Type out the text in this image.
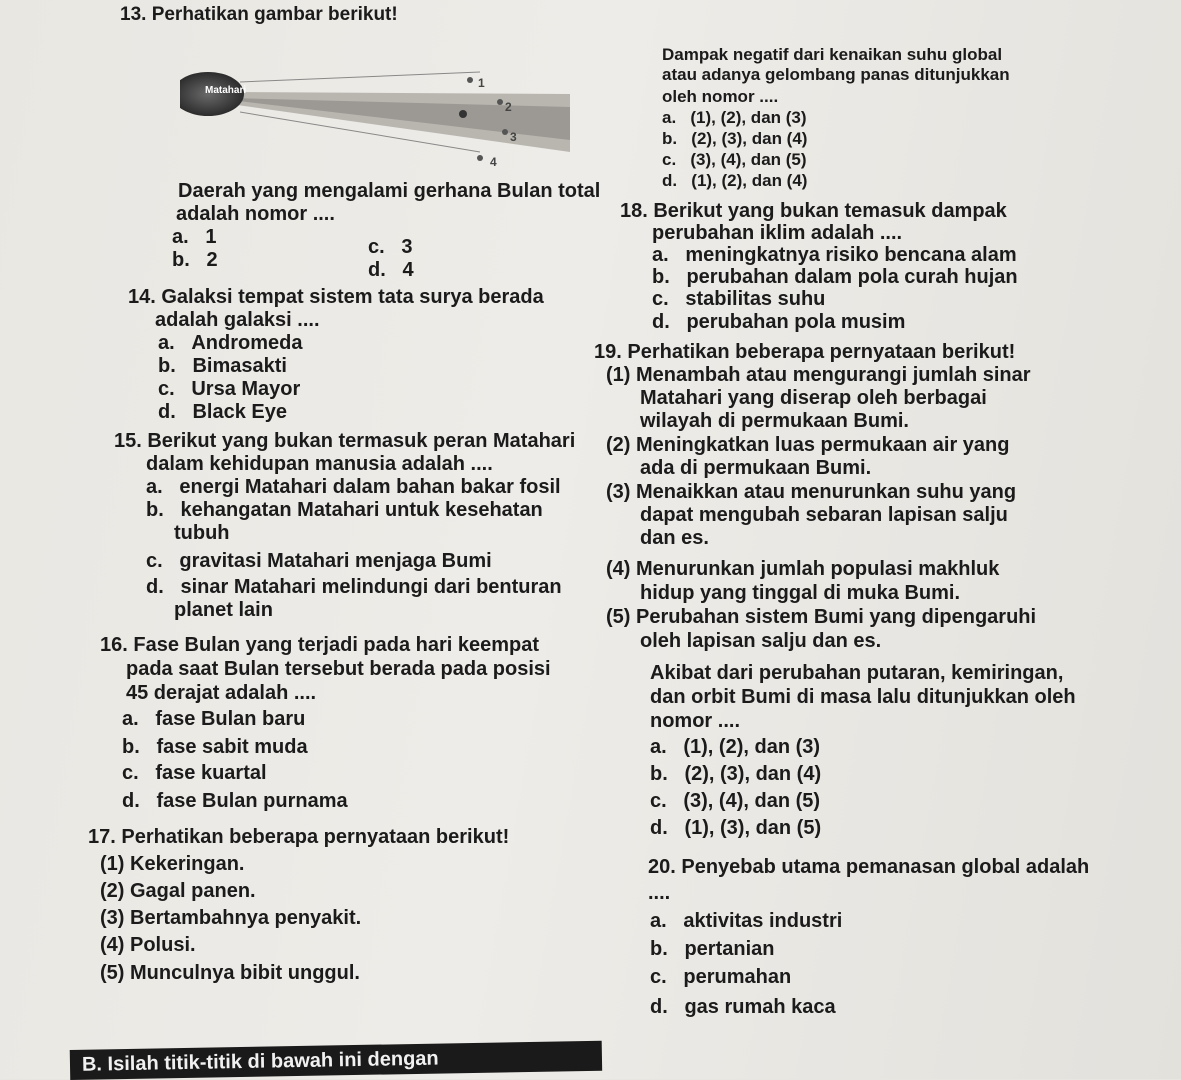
13. Perhatikan gambar berikut!
Matahari
1
2
3
4
Daerah yang mengalami gerhana Bulan total
adalah nomor ....
a. 1
b. 2
c. 3
d. 4
14. Galaksi tempat sistem tata surya berada
adalah galaksi ....
a. Andromeda
b. Bimasakti
c. Ursa Mayor
d. Black Eye
15. Berikut yang bukan termasuk peran Matahari
dalam kehidupan manusia adalah ....
a. energi Matahari dalam bahan bakar fosil
b. kehangatan Matahari untuk kesehatan
tubuh
c. gravitasi Matahari menjaga Bumi
d. sinar Matahari melindungi dari benturan
planet lain
16. Fase Bulan yang terjadi pada hari keempat
pada saat Bulan tersebut berada pada posisi
45 derajat adalah ....
a. fase Bulan baru
b. fase sabit muda
c. fase kuartal
d. fase Bulan purnama
17. Perhatikan beberapa pernyataan berikut!
(1) Kekeringan.
(2) Gagal panen.
(3) Bertambahnya penyakit.
(4) Polusi.
(5) Munculnya bibit unggul.
Dampak negatif dari kenaikan suhu global
atau adanya gelombang panas ditunjukkan
oleh nomor ....
a. (1), (2), dan (3)
b. (2), (3), dan (4)
c. (3), (4), dan (5)
d. (1), (2), dan (4)
18. Berikut yang bukan temasuk dampak
perubahan iklim adalah ....
a. meningkatnya risiko bencana alam
b. perubahan dalam pola curah hujan
c. stabilitas suhu
d. perubahan pola musim
19. Perhatikan beberapa pernyataan berikut!
(1) Menambah atau mengurangi jumlah sinar
Matahari yang diserap oleh berbagai
wilayah di permukaan Bumi.
(2) Meningkatkan luas permukaan air yang
ada di permukaan Bumi.
(3) Menaikkan atau menurunkan suhu yang
dapat mengubah sebaran lapisan salju
dan es.
(4) Menurunkan jumlah populasi makhluk
hidup yang tinggal di muka Bumi.
(5) Perubahan sistem Bumi yang dipengaruhi
oleh lapisan salju dan es.
Akibat dari perubahan putaran, kemiringan,
dan orbit Bumi di masa lalu ditunjukkan oleh
nomor ....
a. (1), (2), dan (3)
b. (2), (3), dan (4)
c. (3), (4), dan (5)
d. (1), (3), dan (5)
20. Penyebab utama pemanasan global adalah
....
a. aktivitas industri
b. pertanian
c. perumahan
d. gas rumah kaca
B. Isilah titik-titik di bawah ini dengan
